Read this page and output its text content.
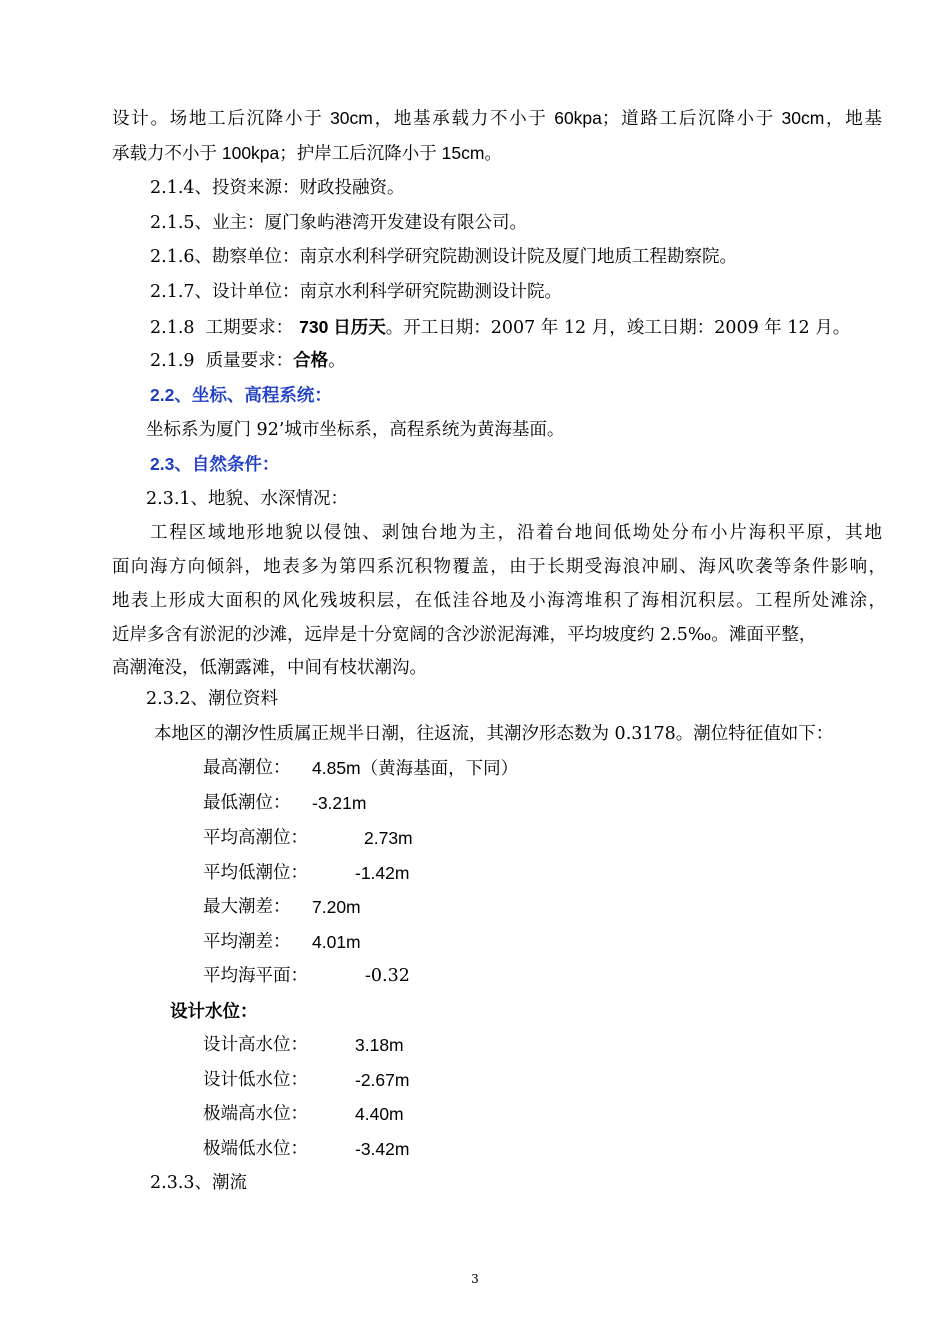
设计。场地工后沉降小于 30cm，地基承载力不小于 60kpa；道路工后沉降小于 30cm，地基
承载力不小于 100kpa；护岸工后沉降小于 15cm。
2.1.4、投资来源：财政投融资。
2.1.5、业主：厦门象屿港湾开发建设有限公司。
2.1.6、勘察单位：南京水利科学研究院勘测设计院及厦门地质工程勘察院。
2.1.7、设计单位：南京水利科学研究院勘测设计院。
2.1.8  工期要求： 730 日历天。开工日期：2007 年 12 月，竣工日期：2009 年 12 月。
2.1.9  质量要求：合格。
2.2、坐标、高程系统：
坐标系为厦门 92’城市坐标系，高程系统为黄海基面。
2.3、自然条件：
2.3.1、地貌、水深情况：
工程区域地形地貌以侵蚀、剥蚀台地为主，沿着台地间低坳处分布小片海积平原，其地
面向海方向倾斜，地表多为第四系沉积物覆盖，由于长期受海浪冲刷、海风吹袭等条件影响，
地表上形成大面积的风化残坡积层，在低洼谷地及小海湾堆积了海相沉积层。工程所处滩涂，
近岸多含有淤泥的沙滩，远岸是十分宽阔的含沙淤泥海滩，平均坡度约 2.5‰。滩面平整，
高潮淹没，低潮露滩，中间有枝状潮沟。
2.3.2、潮位资料
本地区的潮汐性质属正规半日潮，往返流，其潮汐形态数为 0.3178。潮位特征值如下：
最高潮位： 4.85m（黄海基面，下同）
最低潮位： -3.21m
平均高潮位：	2.73m
平均低潮位：	-1.42m
最大潮差： 7.20m
平均潮差： 4.01m
平均海平面：	-0.32
设计水位：
设计高水位：	3.18m
设计低水位：	-2.67m
极端高水位：	4.40m
极端低水位：	-3.42m
2.3.3、潮流
3
